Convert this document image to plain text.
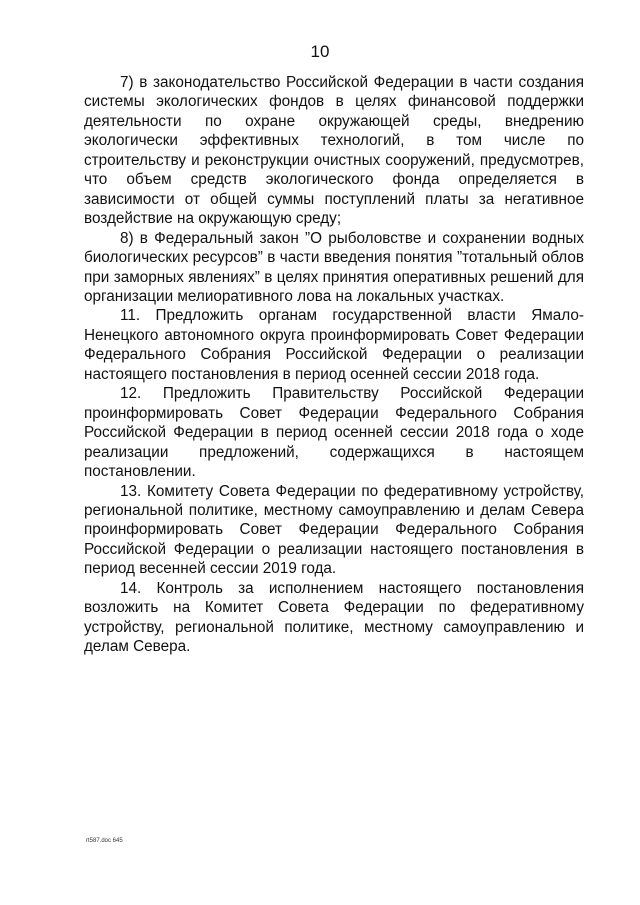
10

7) в законодательство Российской Федерации в части создания системы экологических фондов в целях финансовой поддержки деятельности по охране окружающей среды, внедрению экологически эффективных технологий, в том числе по строительству и реконструкции очистных сооружений, предусмотрев, что объем средств экологического фонда определяется в зависимости от общей суммы поступлений платы за негативное воздействие на окружающую среду;

8) в Федеральный закон ”О рыболовстве и сохранении водных биологических ресурсов” в части введения понятия ”тотальный облов при заморных явлениях” в целях принятия оперативных решений для организации мелиоративного лова на локальных участках.

11. Предложить органам государственной власти Ямало-Ненецкого автономного округа проинформировать Совет Федерации Федерального Собрания Российской Федерации о реализации настоящего постановления в период осенней сессии 2018 года.

12. Предложить Правительству Российской Федерации проинформировать Совет Федерации Федерального Собрания Российской Федерации в период осенней сессии 2018 года о ходе реализации предложений, содержащихся в настоящем постановлении.

13. Комитету Совета Федерации по федеративному устройству, региональной политике, местному самоуправлению и делам Севера проинформировать Совет Федерации Федерального Собрания Российской Федерации о реализации настоящего постановления в период весенней сессии 2019 года.

14. Контроль за исполнением настоящего постановления возложить на Комитет Совета Федерации по федеративному устройству, региональной политике, местному самоуправлению и делам Севера.

rt587.doc 645
